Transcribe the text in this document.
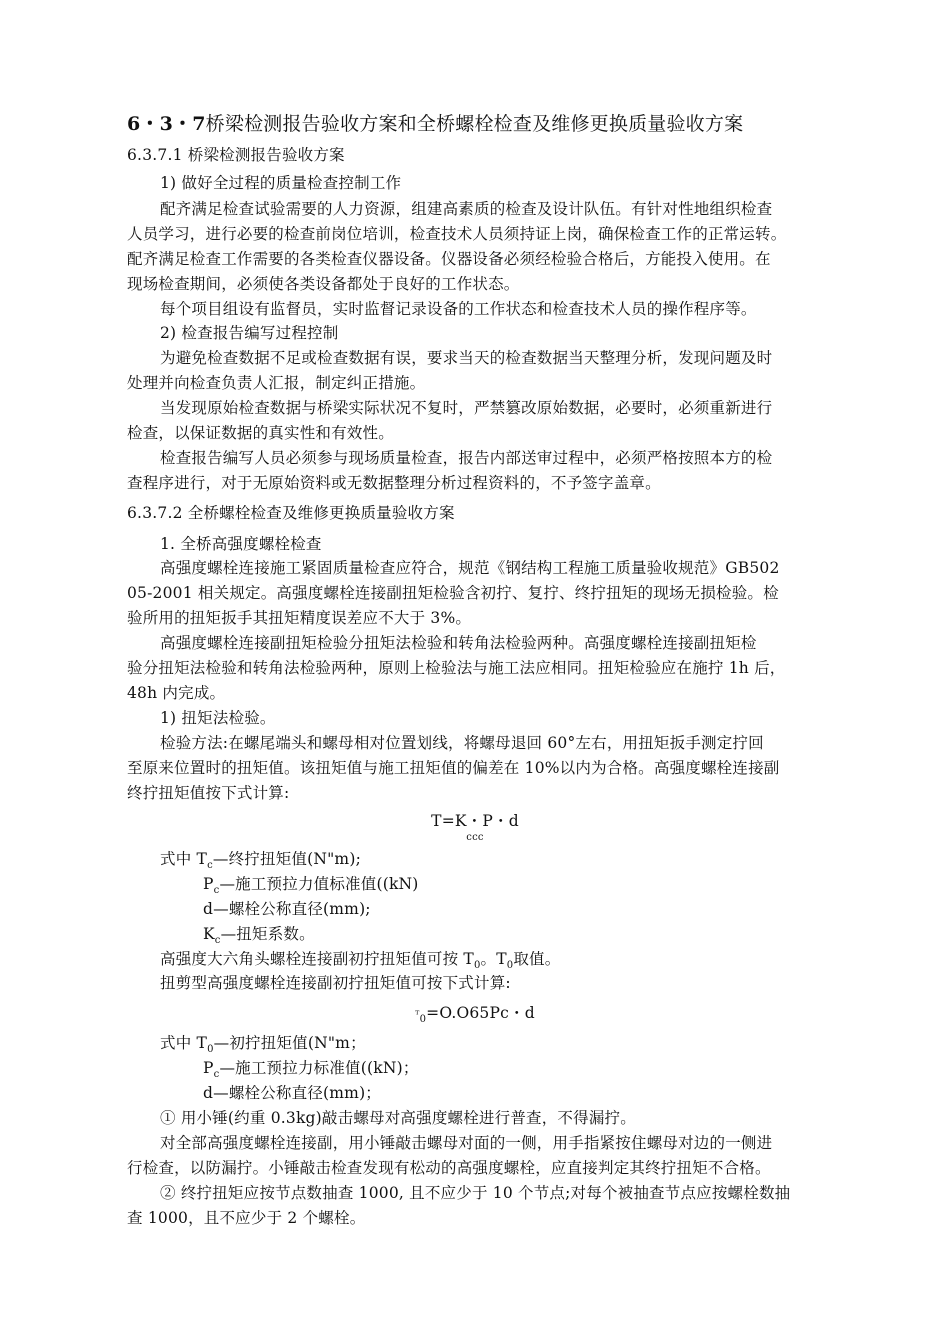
6・3・7桥梁检测报告验收方案和全桥螺栓检查及维修更换质量验收方案
6.3.7.1 桥梁检测报告验收方案
1) 做好全过程的质量检查控制工作
配齐满足检查试验需要的人力资源，组建高素质的检查及设计队伍。有针对性地组织检查
人员学习，进行必要的检查前岗位培训，检查技术人员须持证上岗，确保检查工作的正常运转。
配齐满足检查工作需要的各类检查仪器设备。仪器设备必须经检验合格后，方能投入使用。在
现场检查期间，必须使各类设备都处于良好的工作状态。
每个项目组设有监督员，实时监督记录设备的工作状态和检查技术人员的操作程序等。
2) 检查报告编写过程控制
为避免检查数据不足或检查数据有误，要求当天的检查数据当天整理分析，发现问题及时
处理并向检查负责人汇报，制定纠正措施。
当发现原始检查数据与桥梁实际状况不复时，严禁篡改原始数据，必要时，必须重新进行
检查，以保证数据的真实性和有效性。
检查报告编写人员必须参与现场质量检查，报告内部送审过程中，必须严格按照本方的检
查程序进行，对于无原始资料或无数据整理分析过程资料的，不予签字盖章。
6.3.7.2 全桥螺栓检查及维修更换质量验收方案
1. 全桥高强度螺栓检查
高强度螺栓连接施工紧固质量检查应符合，规范《钢结构工程施工质量验收规范》GB502
05-2001 相关规定。高强度螺栓连接副扭矩检验含初拧、复拧、终拧扭矩的现场无损检验。检
验所用的扭矩扳手其扭矩精度误差应不大于 3%。
高强度螺栓连接副扭矩检验分扭矩法检验和转角法检验两种。高强度螺栓连接副扭矩检
验分扭矩法检验和转角法检验两种，原则上检验法与施工法应相同。扭矩检验应在施拧 1h 后，
48h 内完成。
1) 扭矩法检验。
检验方法:在螺尾端头和螺母相对位置划线，将螺母退回 60°左右，用扭矩扳手测定拧回
至原来位置时的扭矩值。该扭矩值与施工扭矩值的偏差在 10%以内为合格。高强度螺栓连接副
终拧扭矩值按下式计算:
T=K・P・d
ccc
式中 $T_c—$终拧扭矩值(N"m);
$P_c—$施工预拉力值标准值((kN)
d—螺栓公称直径(mm);
$K_c—$扭矩系数。
高强度大六角头螺栓连接副初拧扭矩值可按 $T_0$。$T_0$取值。
扭剪型高强度螺栓连接副初拧扭矩值可按下式计算:
ᵀ$_0$=O.O65Pc・d
式中 $T_0—$初拧扭矩值(N"m；
$P_c—$施工预拉力标准值((kN)；
d—螺栓公称直径(mm)；
① 用小锤(约重 0.3kg)敲击螺母对高强度螺栓进行普查，不得漏拧。
对全部高强度螺栓连接副，用小锤敲击螺母对面的一侧，用手指紧按住螺母对边的一侧进
行检查，以防漏拧。小锤敲击检查发现有松动的高强度螺栓，应直接判定其终拧扭矩不合格。
② 终拧扭矩应按节点数抽查 1000, 且不应少于 10 个节点;对每个被抽查节点应按螺栓数抽
查 1000，且不应少于 2 个螺栓。
